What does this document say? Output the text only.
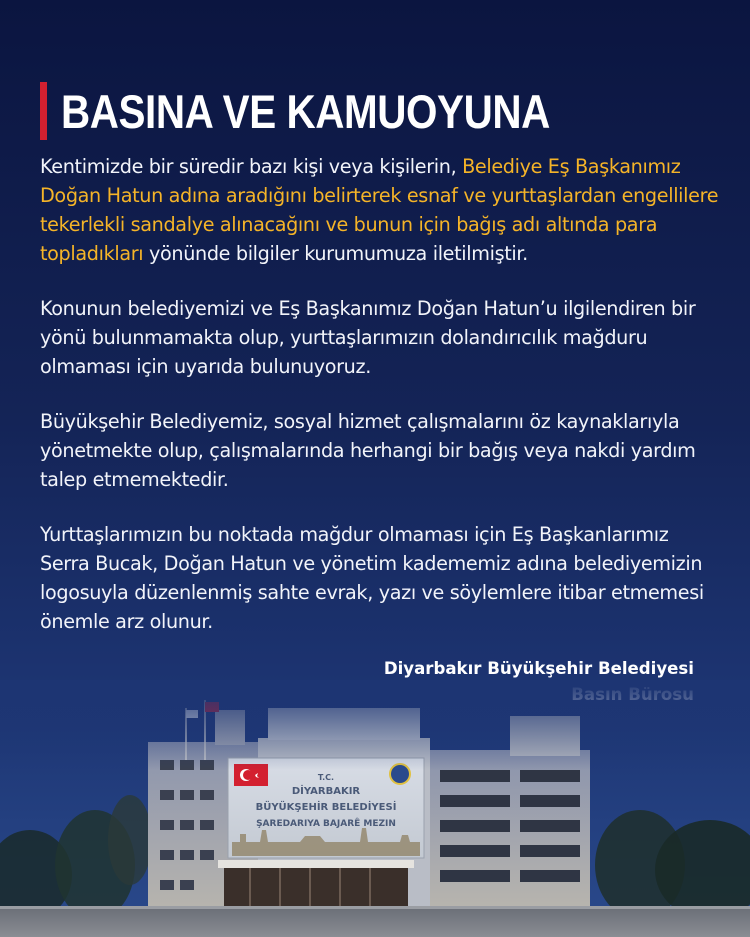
BASINA VE KAMUOYUNA

Kentimizde bir süredir bazı kişi veya kişilerin, Belediye Eş Başkanımız Doğan Hatun adına aradığını belirterek esnaf ve yurttaşlardan engellilere tekerlekli sandalye alınacağını ve bunun için bağış adı altında para topladıkları yönünde bilgiler kurumumuza iletilmiştir.

Konunun belediyemizi ve Eş Başkanımız Doğan Hatun’u ilgilendiren bir yönü bulunmamakta olup, yurttaşlarımızın dolandırıcılık mağduru olmaması için uyarıda bulunuyoruz.

Büyükşehir Belediyemiz, sosyal hizmet çalışmalarını öz kaynaklarıyla yönetmekte olup, çalışmalarında herhangi bir bağış veya nakdi yardım talep etmemektedir.

Yurttaşlarımızın bu noktada mağdur olmaması için Eş Başkanlarımız Serra Bucak, Doğan Hatun ve yönetim kadememiz adına belediyemizin logosuyla düzenlenmiş sahte evrak, yazı ve söylemlere itibar etmemesi önemle arz olunur.

Diyarbakır Büyükşehir Belediyesi
